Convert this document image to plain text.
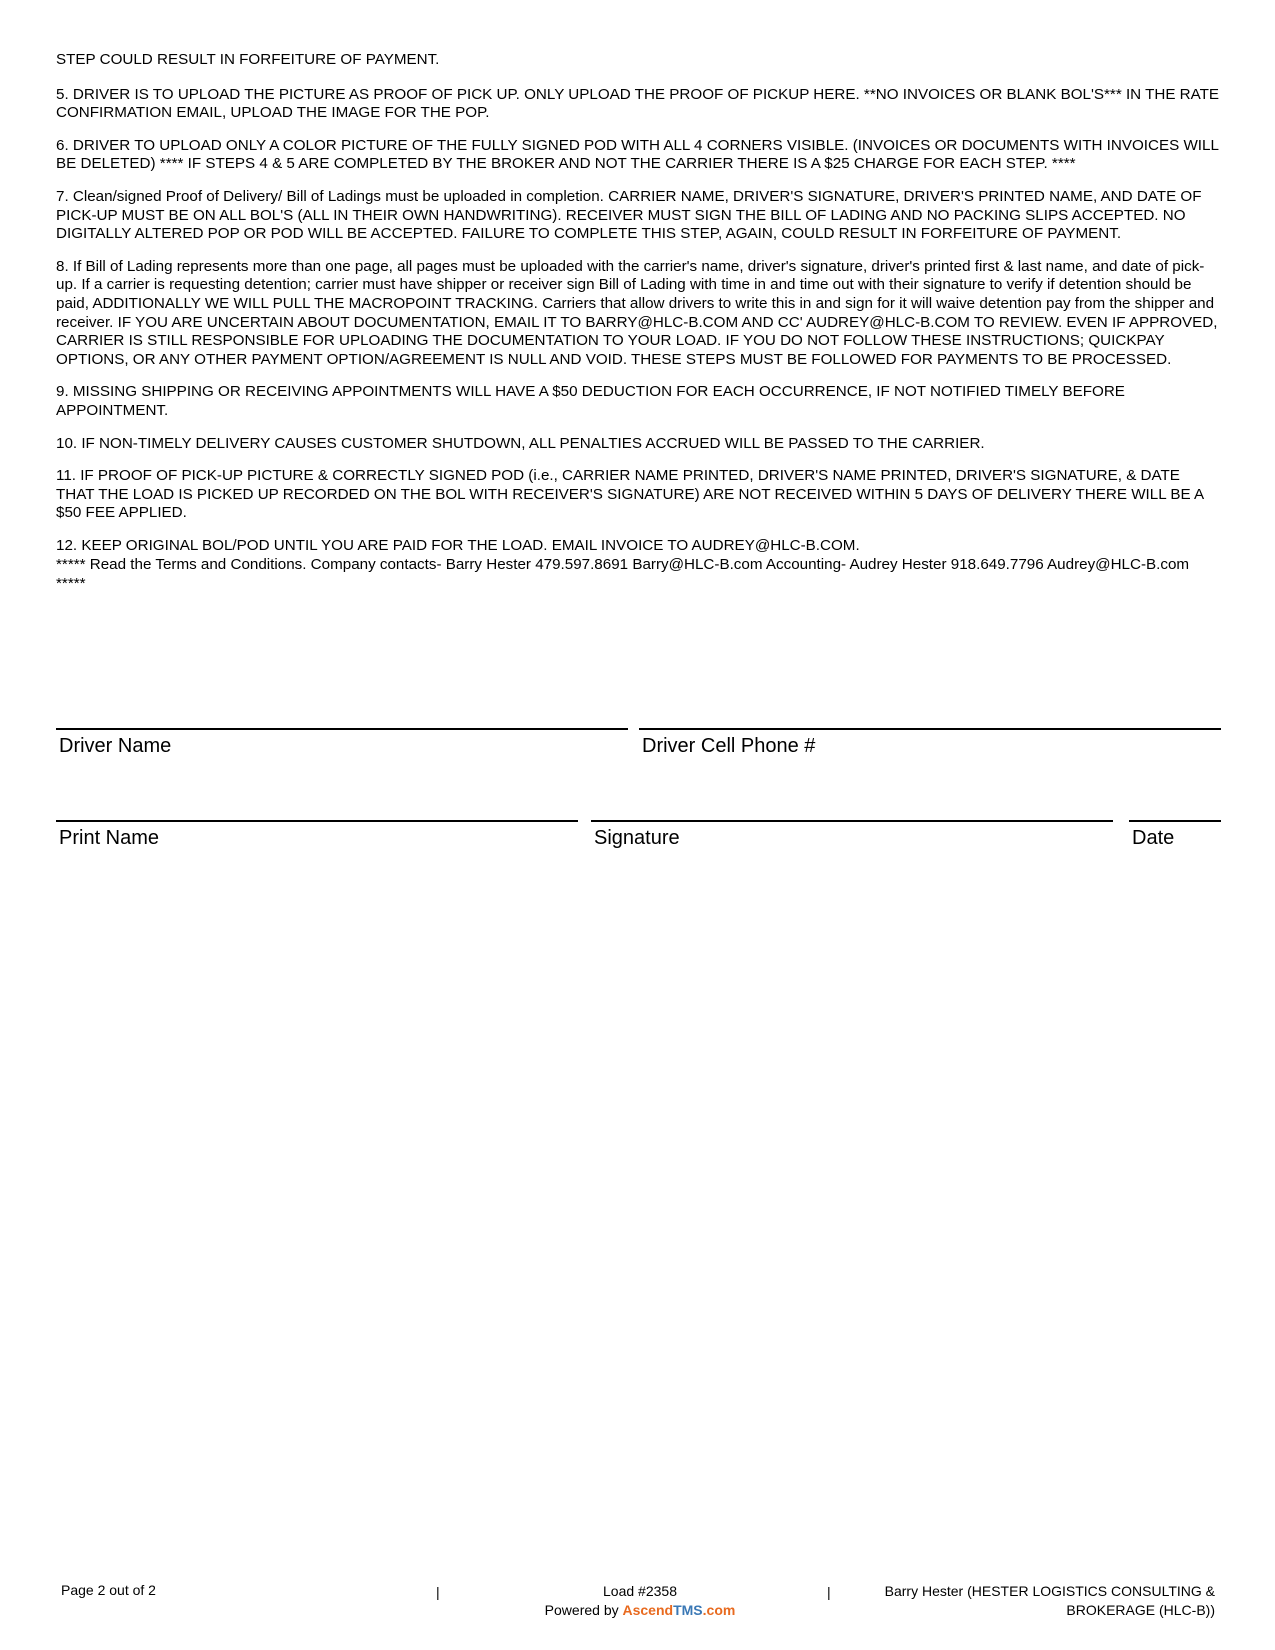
STEP COULD RESULT IN FORFEITURE OF PAYMENT.

5. DRIVER IS TO UPLOAD THE PICTURE AS PROOF OF PICK UP. ONLY UPLOAD THE PROOF OF PICKUP HERE. **NO INVOICES OR BLANK BOL'S*** IN THE RATE CONFIRMATION EMAIL, UPLOAD THE IMAGE FOR THE POP.

6. DRIVER TO UPLOAD ONLY A COLOR PICTURE OF THE FULLY SIGNED POD WITH ALL 4 CORNERS VISIBLE. (INVOICES OR DOCUMENTS WITH INVOICES WILL BE DELETED) **** IF STEPS 4 & 5 ARE COMPLETED BY THE BROKER AND NOT THE CARRIER THERE IS A $25 CHARGE FOR EACH STEP. ****

7. Clean/signed Proof of Delivery/ Bill of Ladings must be uploaded in completion. CARRIER NAME, DRIVER'S SIGNATURE, DRIVER'S PRINTED NAME, AND DATE OF PICK-UP MUST BE ON ALL BOL'S (ALL IN THEIR OWN HANDWRITING). RECEIVER MUST SIGN THE BILL OF LADING AND NO PACKING SLIPS ACCEPTED. NO DIGITALLY ALTERED POP OR POD WILL BE ACCEPTED. FAILURE TO COMPLETE THIS STEP, AGAIN, COULD RESULT IN FORFEITURE OF PAYMENT.

8. If Bill of Lading represents more than one page, all pages must be uploaded with the carrier's name, driver's signature, driver's printed first & last name, and date of pick-up. If a carrier is requesting detention; carrier must have shipper or receiver sign Bill of Lading with time in and time out with their signature to verify if detention should be paid, ADDITIONALLY WE WILL PULL THE MACROPOINT TRACKING. Carriers that allow drivers to write this in and sign for it will waive detention pay from the shipper and receiver. IF YOU ARE UNCERTAIN ABOUT DOCUMENTATION, EMAIL IT TO BARRY@HLC-B.COM AND CC' AUDREY@HLC-B.COM TO REVIEW. EVEN IF APPROVED, CARRIER IS STILL RESPONSIBLE FOR UPLOADING THE DOCUMENTATION TO YOUR LOAD. IF YOU DO NOT FOLLOW THESE INSTRUCTIONS; QUICKPAY OPTIONS, OR ANY OTHER PAYMENT OPTION/AGREEMENT IS NULL AND VOID. THESE STEPS MUST BE FOLLOWED FOR PAYMENTS TO BE PROCESSED.

9. MISSING SHIPPING OR RECEIVING APPOINTMENTS WILL HAVE A $50 DEDUCTION FOR EACH OCCURRENCE, IF NOT NOTIFIED TIMELY BEFORE APPOINTMENT.

10. IF NON-TIMELY DELIVERY CAUSES CUSTOMER SHUTDOWN, ALL PENALTIES ACCRUED WILL BE PASSED TO THE CARRIER.

11. IF PROOF OF PICK-UP PICTURE & CORRECTLY SIGNED POD (i.e., CARRIER NAME PRINTED, DRIVER'S NAME PRINTED, DRIVER'S SIGNATURE, & DATE THAT THE LOAD IS PICKED UP RECORDED ON THE BOL WITH RECEIVER'S SIGNATURE) ARE NOT RECEIVED WITHIN 5 DAYS OF DELIVERY THERE WILL BE A $50 FEE APPLIED.

12. KEEP ORIGINAL BOL/POD UNTIL YOU ARE PAID FOR THE LOAD. EMAIL INVOICE TO AUDREY@HLC-B.COM.

***** Read the Terms and Conditions. Company contacts- Barry Hester 479.597.8691 Barry@HLC-B.com Accounting- Audrey Hester 918.649.7796 Audrey@HLC-B.com *****

Driver Name	Driver Cell Phone #
Print Name	Signature	Date
Page 2 out of 2	|	Load #2358
Powered by AscendTMS.com
|	Barry Hester (HESTER LOGISTICS CONSULTING &
BROKERAGE (HLC-B))
